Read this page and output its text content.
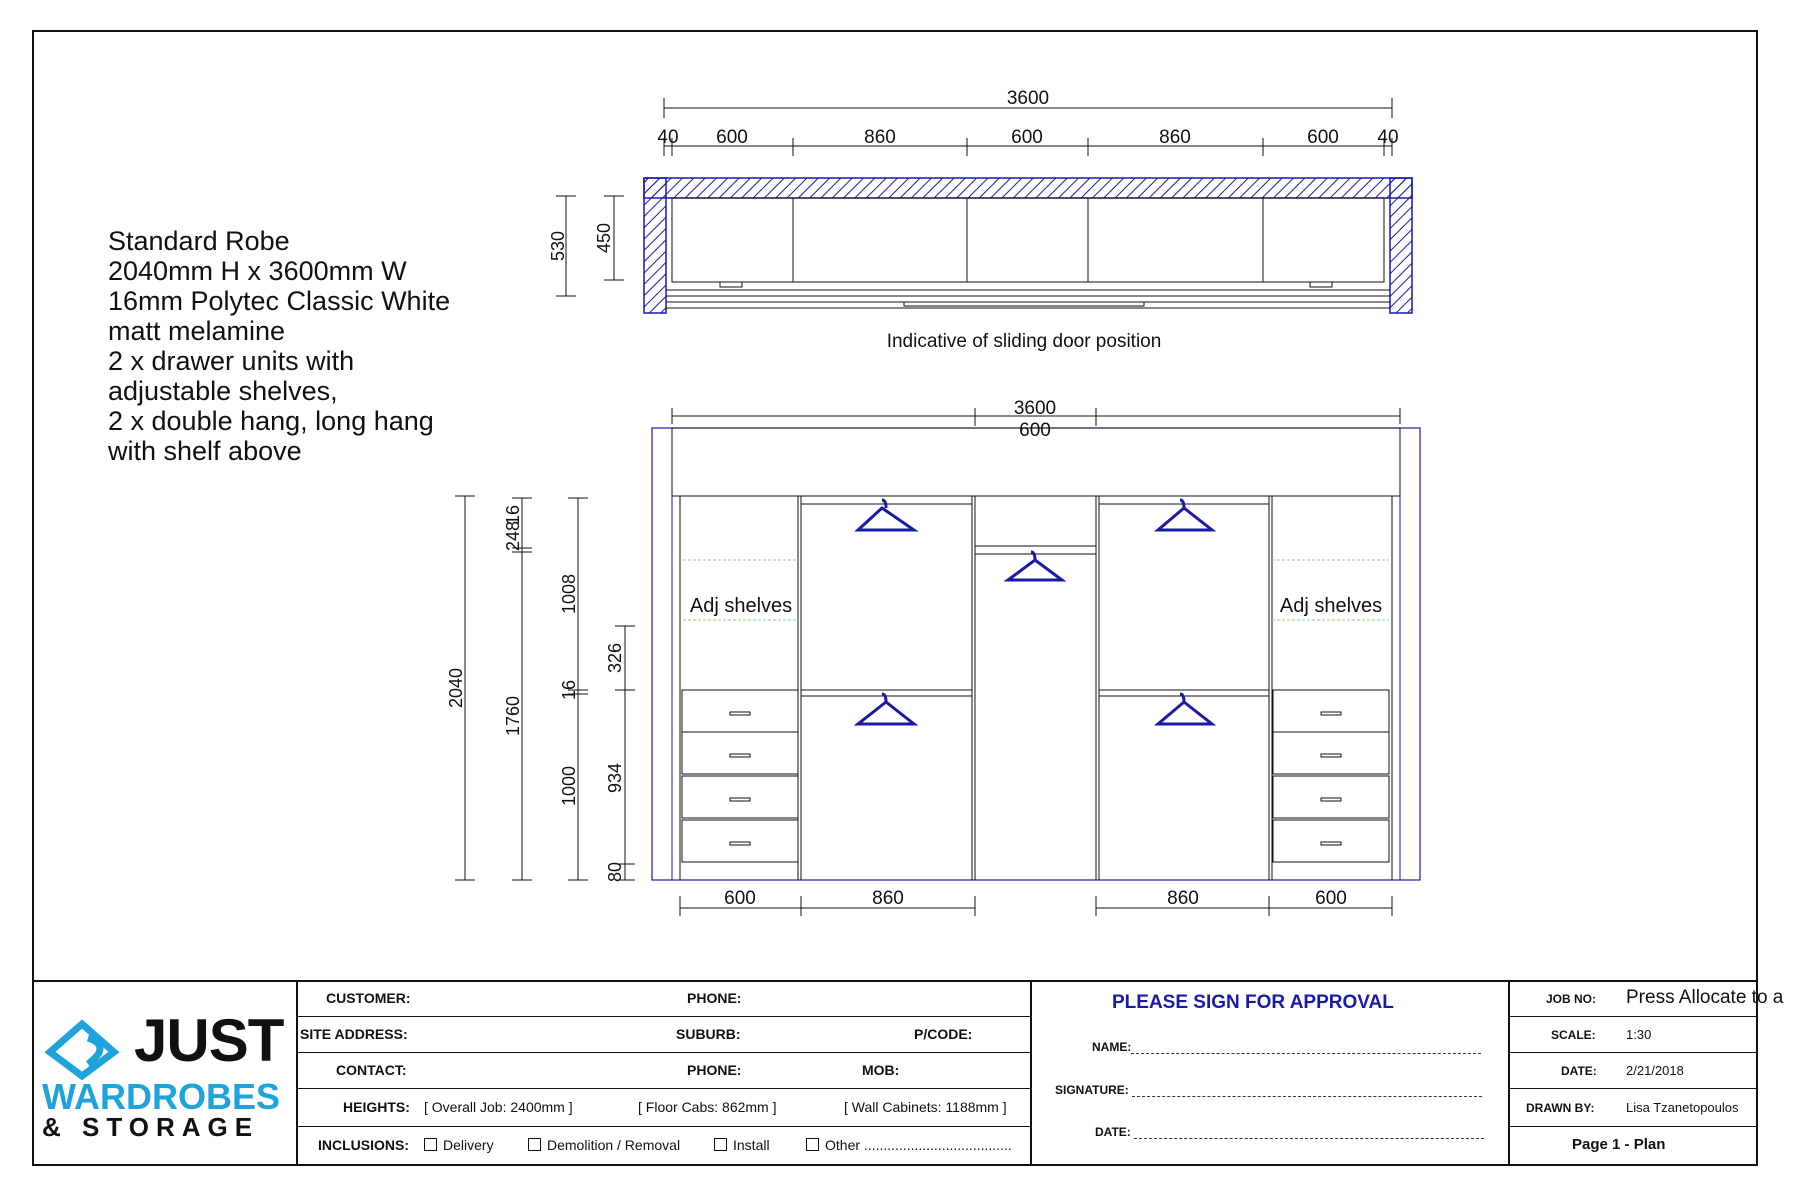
Standard Robe
2040mm H x 3600mm W
16mm Polytec Classic White
matt melamine
2 x drawer units with
adjustable shelves,
2 x double hang, long hang
with shelf above
3600
40 600	860	600	860	600 40
530 450
Indicative of sliding door position
2040
16
248
1760
1008
16
1000
326
934
80
3600
600
Adj shelves	Adj shelves
600	860	860	600
JUST
WARDROBES
& STORAGE
CUSTOMER:	PHONE:
SITE ADDRESS:	SUBURB:	P/CODE:
CONTACT:	PHONE:	MOB:
HEIGHTS: [ Overall Job: 2400mm ]	[ Floor Cabs: 862mm ]	[ Wall Cabinets: 1188mm ]
INCLUSIONS:	Delivery	Demolition / Removal	Install	Other ......................................
PLEASE SIGN FOR APPROVAL
NAME:
SIGNATURE:
DATE:
JOB NO: Press Allocate to a
SCALE: 1:30
DATE: 2/21/2018
DRAWN BY: Lisa Tzanetopoulos
Page 1 - Plan
